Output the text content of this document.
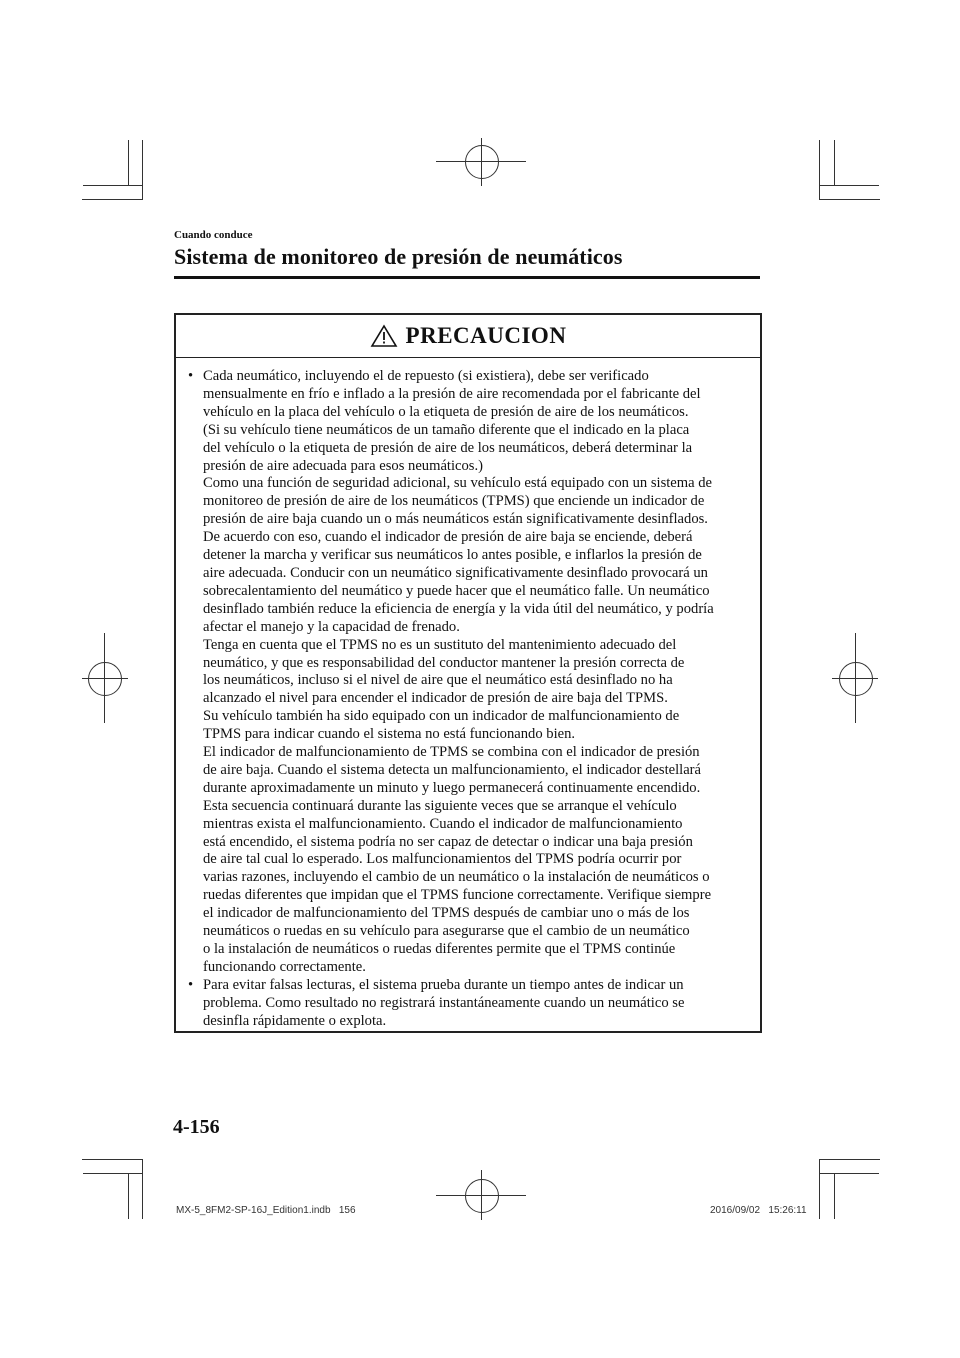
Cuando conduce
Sistema de monitoreo de presión de neumáticos
PRECAUCION
• Cada neumático, incluyendo el de repuesto (si existiera), debe ser verificado
mensualmente en frío e inflado a la presión de aire recomendada por el fabricante del
vehículo en la placa del vehículo o la etiqueta de presión de aire de los neumáticos.
(Si su vehículo tiene neumáticos de un tamaño diferente que el indicado en la placa
del vehículo o la etiqueta de presión de aire de los neumáticos, deberá determinar la
presión de aire adecuada para esos neumáticos.)
Como una función de seguridad adicional, su vehículo está equipado con un sistema de
monitoreo de presión de aire de los neumáticos (TPMS) que enciende un indicador de
presión de aire baja cuando un o más neumáticos están significativamente desinflados.
De acuerdo con eso, cuando el indicador de presión de aire baja se enciende, deberá
detener la marcha y verificar sus neumáticos lo antes posible, e inflarlos la presión de
aire adecuada. Conducir con un neumático significativamente desinflado provocará un
sobrecalentamiento del neumático y puede hacer que el neumático falle. Un neumático
desinflado también reduce la eficiencia de energía y la vida útil del neumático, y podría
afectar el manejo y la capacidad de frenado.
Tenga en cuenta que el TPMS no es un sustituto del mantenimiento adecuado del
neumático, y que es responsabilidad del conductor mantener la presión correcta de
los neumáticos, incluso si el nivel de aire que el neumático está desinflado no ha
alcanzado el nivel para encender el indicador de presión de aire baja del TPMS.
Su vehículo también ha sido equipado con un indicador de malfuncionamiento de
TPMS para indicar cuando el sistema no está funcionando bien.
El indicador de malfuncionamiento de TPMS se combina con el indicador de presión
de aire baja. Cuando el sistema detecta un malfuncionamiento, el indicador destellará
durante aproximadamente un minuto y luego permanecerá continuamente encendido.
Esta secuencia continuará durante las siguiente veces que se arranque el vehículo
mientras exista el malfuncionamiento. Cuando el indicador de malfuncionamiento
está encendido, el sistema podría no ser capaz de detectar o indicar una baja presión
de aire tal cual lo esperado. Los malfuncionamientos del TPMS podría ocurrir por
varias razones, incluyendo el cambio de un neumático o la instalación de neumáticos o
ruedas diferentes que impidan que el TPMS funcione correctamente. Verifique siempre
el indicador de malfuncionamiento del TPMS después de cambiar uno o más de los
neumáticos o ruedas en su vehículo para asegurarse que el cambio de un neumático
o la instalación de neumáticos o ruedas diferentes permite que el TPMS continúe
funcionando correctamente.
• Para evitar falsas lecturas, el sistema prueba durante un tiempo antes de indicar un
problema. Como resultado no registrará instantáneamente cuando un neumático se
desinfla rápidamente o explota.
4-156
MX-5_8FM2-SP-16J_Edition1.indb   156	2016/09/02   15:26:11
